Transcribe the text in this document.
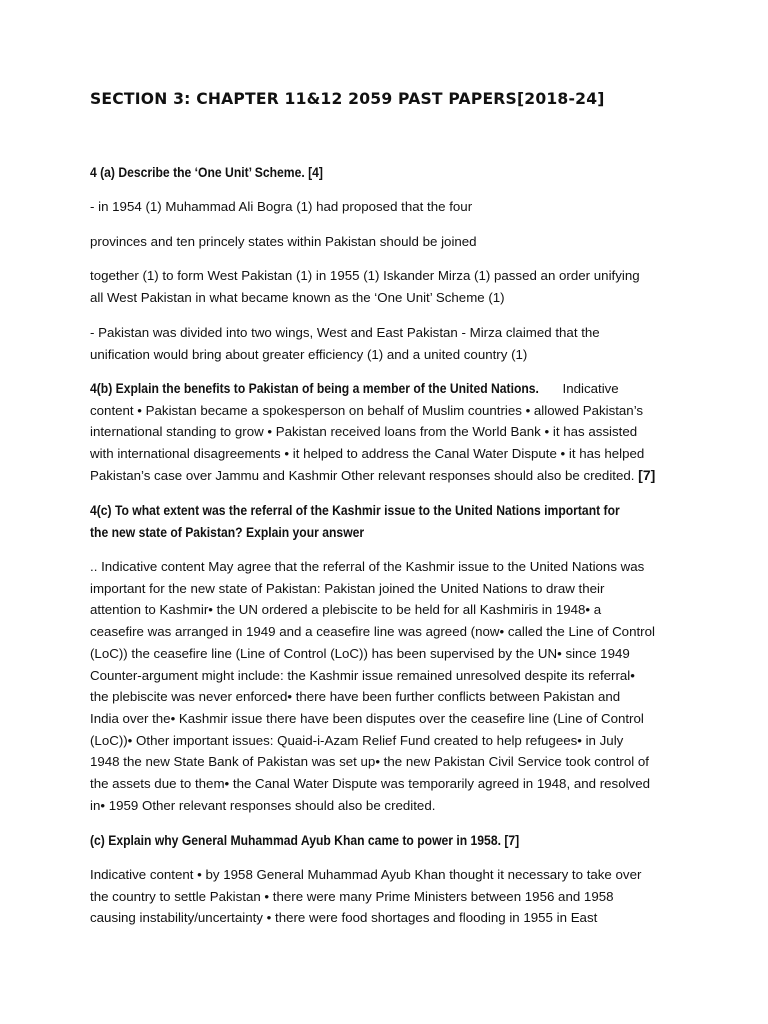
SECTION 3: CHAPTER 11&12 2059 PAST PAPERS[2018-24]

4 (a) Describe the ‘One Unit’ Scheme. [4]

- in 1954 (1) Muhammad Ali Bogra (1) had proposed that the four

provinces and ten princely states within Pakistan should be joined

together (1) to form West Pakistan (1) in 1955 (1) Iskander Mirza (1) passed an order unifying
all West Pakistan in what became known as the ‘One Unit’ Scheme (1)
- Pakistan was divided into two wings, West and East Pakistan - Mirza claimed that the
unification would bring about greater efficiency (1) and a united country (1)
4(b) Explain the benefits to Pakistan of being a member of the United Nations. Indicative
content • Pakistan became a spokesperson on behalf of Muslim countries • allowed Pakistan’s
international standing to grow • Pakistan received loans from the World Bank • it has assisted
with international disagreements • it helped to address the Canal Water Dispute • it has helped
Pakistan’s case over Jammu and Kashmir Other relevant responses should also be credited. [7]

4(c) To what extent was the referral of the Kashmir issue to the United Nations important for

the new state of Pakistan? Explain your answer

.. Indicative content May agree that the referral of the Kashmir issue to the United Nations was
important for the new state of Pakistan: Pakistan joined the United Nations to draw their
attention to Kashmir• the UN ordered a plebiscite to be held for all Kashmiris in 1948• a
ceasefire was arranged in 1949 and a ceasefire line was agreed (now• called the Line of Control
(LoC)) the ceasefire line (Line of Control (LoC)) has been supervised by the UN• since 1949
Counter-argument might include: the Kashmir issue remained unresolved despite its referral•
the plebiscite was never enforced• there have been further conflicts between Pakistan and
India over the• Kashmir issue there have been disputes over the ceasefire line (Line of Control
(LoC))• Other important issues: Quaid-i-Azam Relief Fund created to help refugees• in July
1948 the new State Bank of Pakistan was set up• the new Pakistan Civil Service took control of
the assets due to them• the Canal Water Dispute was temporarily agreed in 1948, and resolved
in• 1959 Other relevant responses should also be credited.

(c) Explain why General Muhammad Ayub Khan came to power in 1958. [7]

Indicative content • by 1958 General Muhammad Ayub Khan thought it necessary to take over
the country to settle Pakistan • there were many Prime Ministers between 1956 and 1958
causing instability/uncertainty • there were food shortages and flooding in 1955 in East
